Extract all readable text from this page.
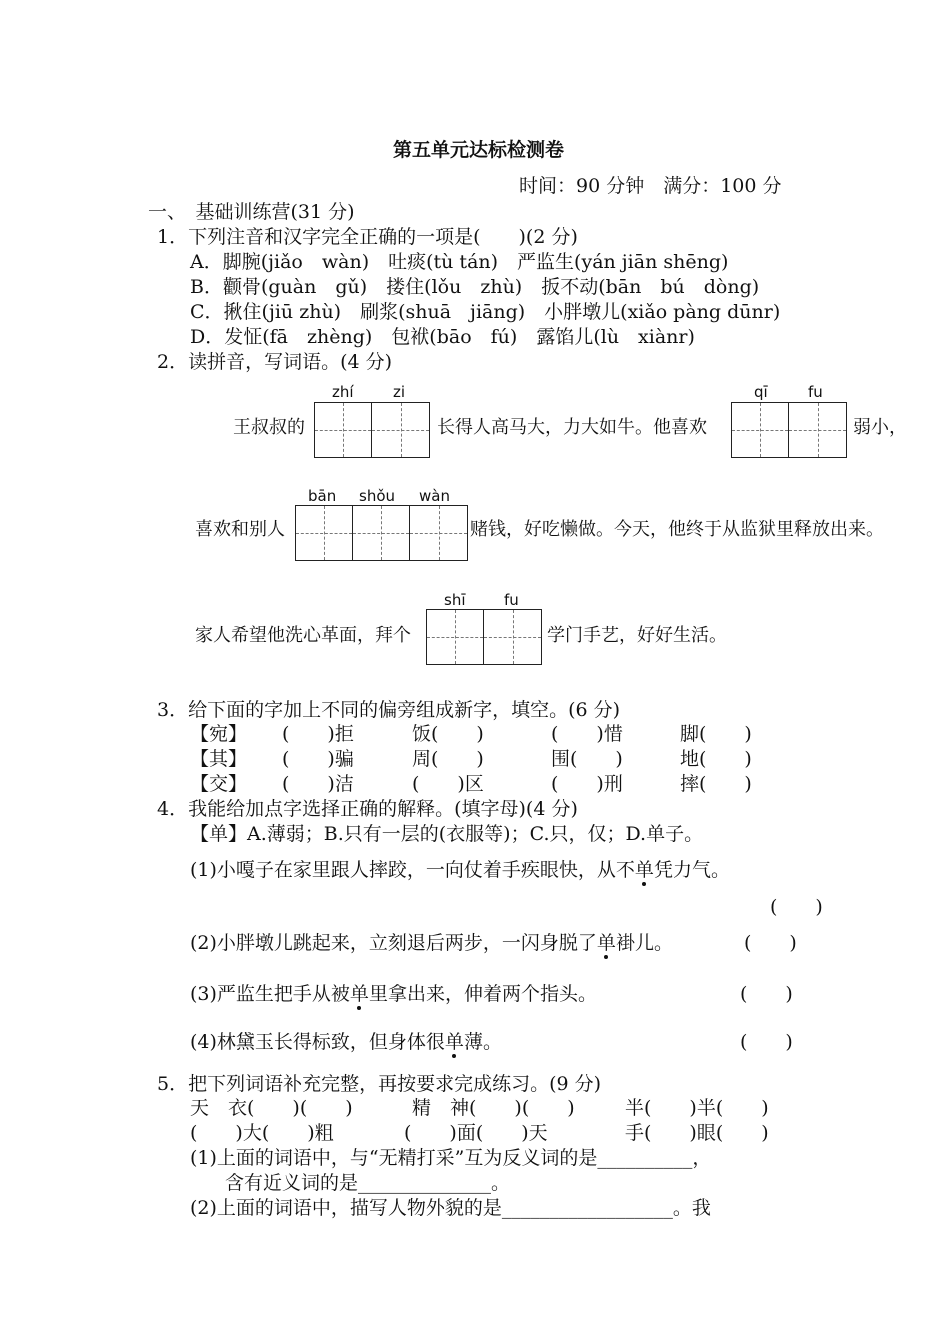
第五单元达标检测卷
时间：90 分钟　满分：100 分
一、　基础训练营(31 分)
1．下列注音和汉字完全正确的一项是(　　)(2 分)
A．脚腕(jiǎo　wàn)　吐痰(tù tán)　严监生(yán jiān shēng)
B．颧骨(guàn　gǔ)　搂住(lǒu　zhù)　扳不动(bān　bú　dòng)
C．揪住(jiū zhù)　刷浆(shuā　jiāng)　小胖墩儿(xiǎo pàng dūnr)
D．发怔(fā　zhèng)　包袱(bāo　fú)　露馅儿(lù　xiànr)
2．读拼音，写词语。(4 分)
王叔叔的
zhí	zi
长得人高马大，力大如牛。他喜欢
qī	fu
弱小，
bān shǒu wàn
喜欢和别人	赌钱，好吃懒做。今天，他终于从监狱里释放出来。
shī	fu
家人希望他洗心革面，拜个	学门手艺，好好生活。
3．给下面的字加上不同的偏旁组成新字，填空。(6 分)
【宛】 (　　)拒	饭(　　)	(　　)惜	脚(　　)
【其】 (　　)骗	周(　　)	围(　　)	地(　　)
【交】 (　　)洁	(　　)区	(　　)刑	摔(　　)
4．我能给加点字选择正确的解释。(填字母)(4 分)
【单】A.薄弱；B.只有一层的(衣服等)；C.只，仅；D.单子。
(1)小嘎子在家里跟人摔跤，一向仗着手疾眼快，从不单凭力气。
(　　)
(2)小胖墩儿跳起来，立刻退后两步，一闪身脱了单褂儿。	(　　)
(3)严监生把手从被单里拿出来，伸着两个指头。	(　　)
(4)林黛玉长得标致，但身体很单薄。	(　　)
5．把下列词语补充完整，再按要求完成练习。(9 分)
天　衣(　　)(　　)	精　神(　　)(　　)	半(　　)半(　　)
(　　)大(　　)粗	(　　)面(　　)天	手(　　)眼(　　)
(1)上面的词语中，与“无精打采”互为反义词的是__________，
含有近义词的是______________。
(2)上面的词语中，描写人物外貌的是__________________。我
